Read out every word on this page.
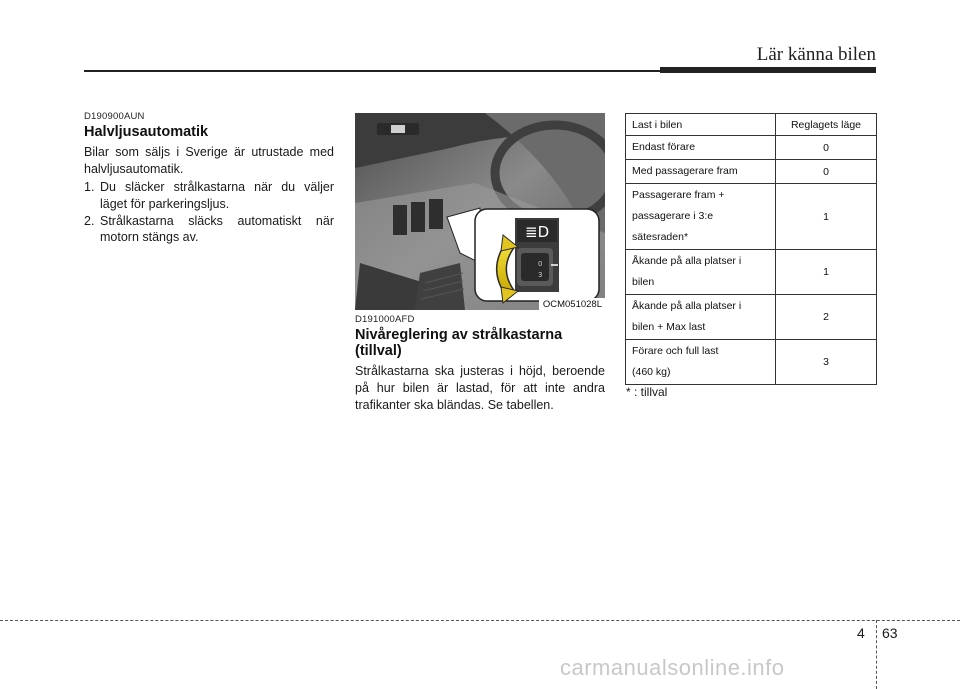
Lär känna bilen
D190900AUN
Halvljusautomatik

Bilar som säljs i Sverige är utrustade med halvljusautomatik.

1. Du släcker strålkastarna när du väljer läget för parkeringsljus.
2. Strålkastarna släcks automatiskt när motorn stängs av.	≣D
0
3
OCM051028L
D191000AFD
Nivåreglering av strålkastarna (tillval)

Strålkastarna ska justeras i höjd, beroende på hur bilen är lastad, för att inte andra trafikanter ska bländas. Se tabellen.

Last i bilen	Reglagets läge

Endast förare	0

Med passagerare fram	0

Passagerare fram +
passagerare i 3:e
sätesraden*	1

Åkande på alla platser i
bilen	1

Åkande på alla platser i
bilen + Max last	2

Förare och full last
(460 kg)	3
* : tillval
4 63
carmanualsonline.info
